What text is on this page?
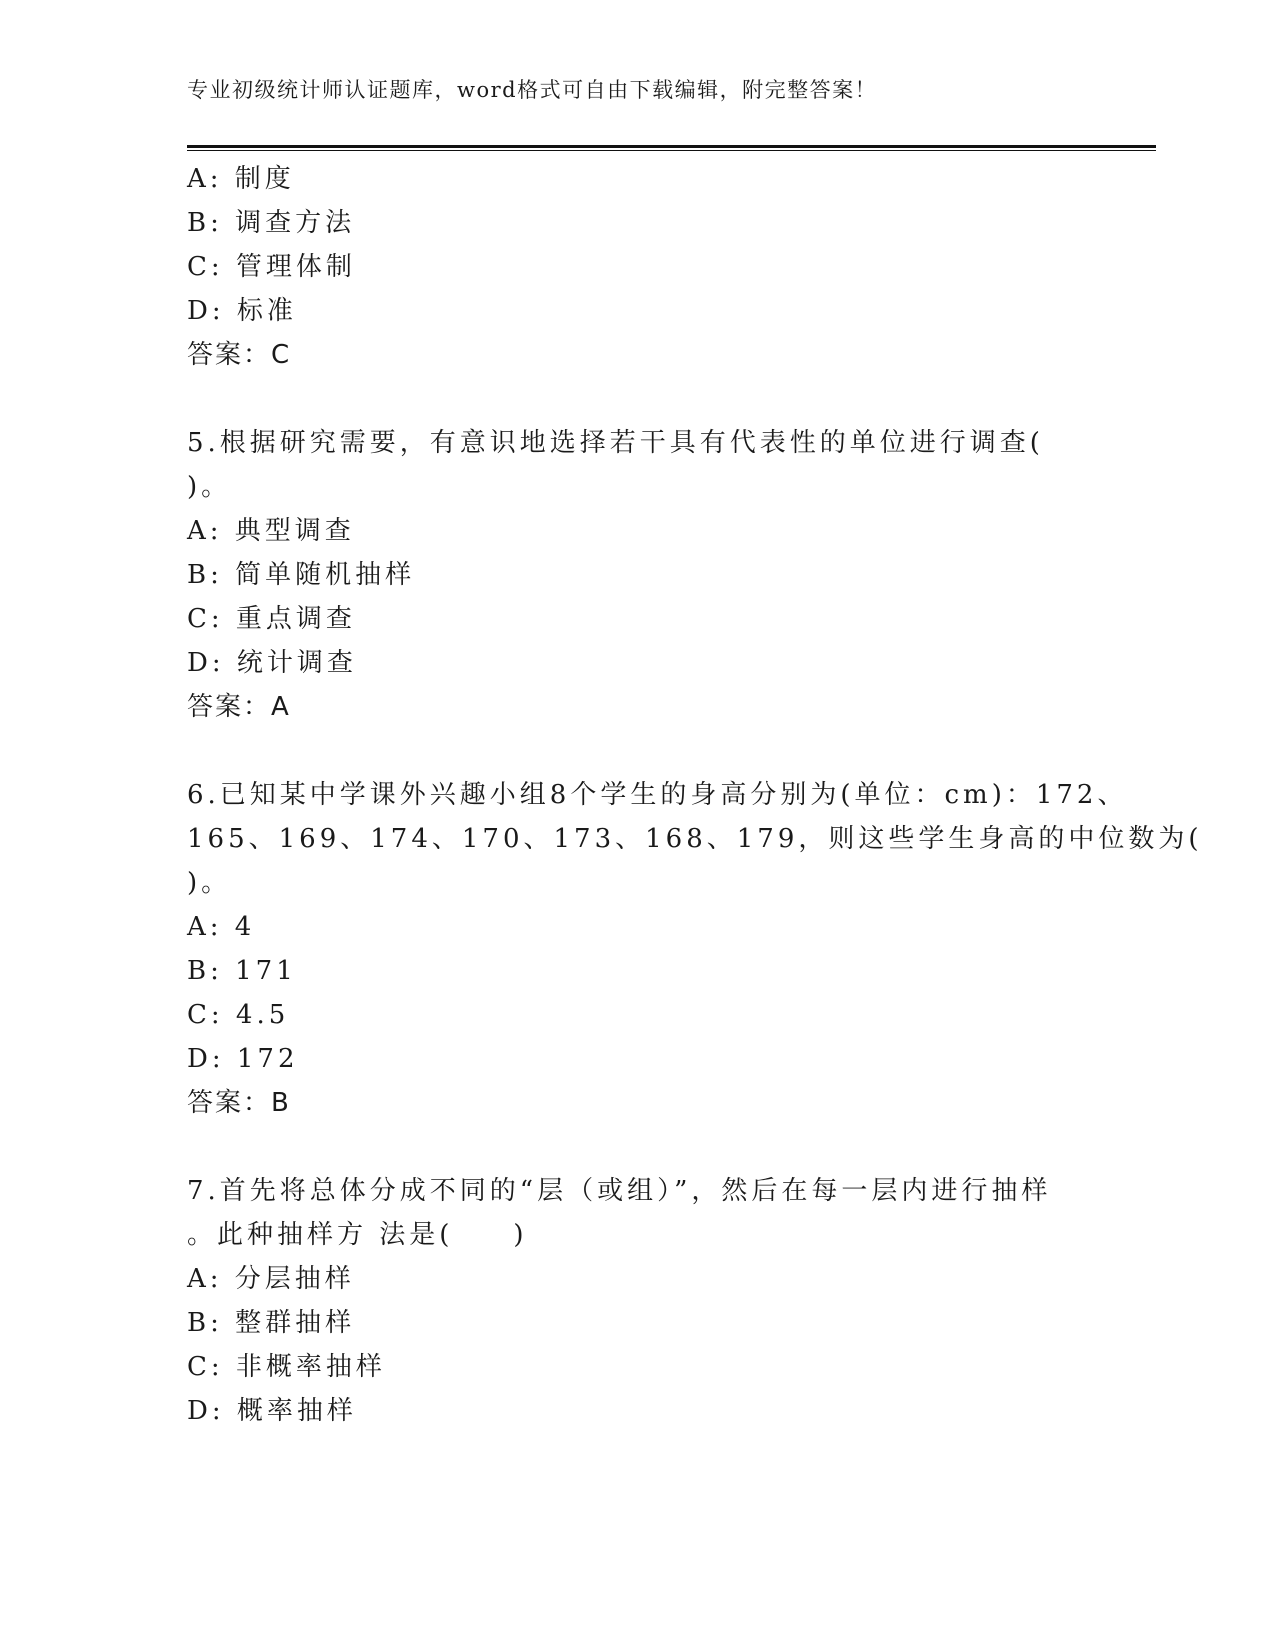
专业初级统计师认证题库，word格式可自由下载编辑，附完整答案！
A: 制度
B: 调查方法
C: 管理体制
D: 标准
答案：C
5.根据研究需要，有意识地选择若干具有代表性的单位进行调查(
)。
A: 典型调查
B: 简单随机抽样
C: 重点调查
D: 统计调查
答案：A
6.已知某中学课外兴趣小组8个学生的身高分别为(单位：cm)：172、
165、169、174、170、173、168、179，则这些学生身高的中位数为(
)。
A: 4
B: 171
C: 4.5
D: 172
答案：B
7.首先将总体分成不同的“层（或组）”，然后在每一层内进行抽样
。此种抽样方 法是(　　)
A: 分层抽样
B: 整群抽样
C: 非概率抽样
D: 概率抽样
